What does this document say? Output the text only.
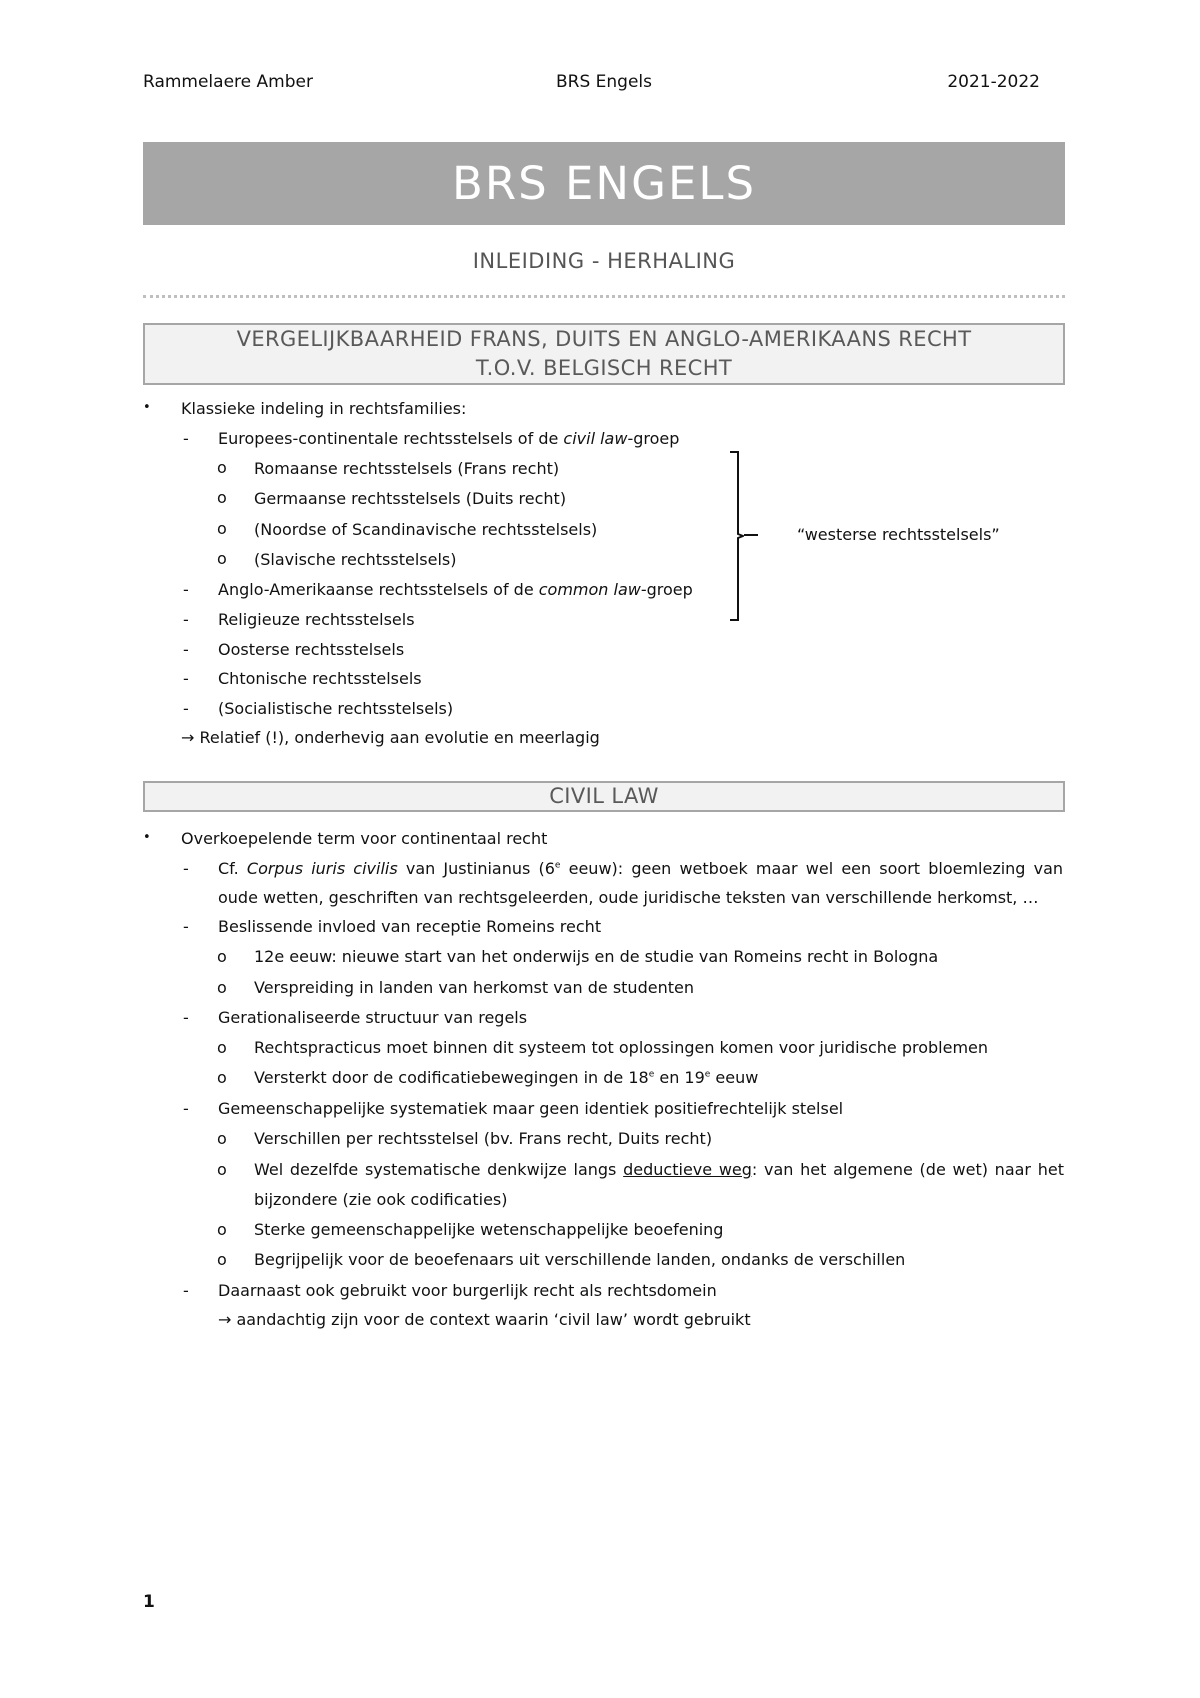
Rammelaere Amber	BRS Engels	2021-2022
BRS ENGELS
INLEIDING - HERHALING
VERGELIJKBAARHEID FRANS, DUITS EN ANGLO-AMERIKAANS RECHT
T.O.V. BELGISCH RECHT
• Klassieke indeling in rechtsfamilies:
- Europees-continentale rechtsstelsels of de civil law-groep
o Romaanse rechtsstelsels (Frans recht)
o Germaanse rechtsstelsels (Duits recht)
o (Noordse of Scandinavische rechtsstelsels)
o (Slavische rechtsstelsels)
- Anglo-Amerikaanse rechtsstelsels of de common law-groep
- Religieuze rechtsstelsels
- Oosterse rechtsstelsels
- Chtonische rechtsstelsels
- (Socialistische rechtsstelsels)
→ Relatief (!), onderhevig aan evolutie en meerlagig
“westerse rechtsstelsels”
CIVIL LAW
• Overkoepelende term voor continentaal recht
- Cf. Corpus iuris civilis van Justinianus (6e eeuw): geen wetboek maar wel een soort bloemlezing van
oude wetten, geschriften van rechtsgeleerden, oude juridische teksten van verschillende herkomst, …
- Beslissende invloed van receptie Romeins recht
o 12e eeuw: nieuwe start van het onderwijs en de studie van Romeins recht in Bologna
o Verspreiding in landen van herkomst van de studenten
- Gerationaliseerde structuur van regels
o Rechtspracticus moet binnen dit systeem tot oplossingen komen voor juridische problemen
o Versterkt door de codificatiebewegingen in de 18e en 19e eeuw
- Gemeenschappelijke systematiek maar geen identiek positiefrechtelijk stelsel
o Verschillen per rechtsstelsel (bv. Frans recht, Duits recht)
o Wel dezelfde systematische denkwijze langs deductieve weg: van het algemene (de wet) naar het
bijzondere (zie ook codificaties)
o Sterke gemeenschappelijke wetenschappelijke beoefening
o Begrijpelijk voor de beoefenaars uit verschillende landen, ondanks de verschillen
- Daarnaast ook gebruikt voor burgerlijk recht als rechtsdomein
→ aandachtig zijn voor de context waarin ‘civil law’ wordt gebruikt
1
